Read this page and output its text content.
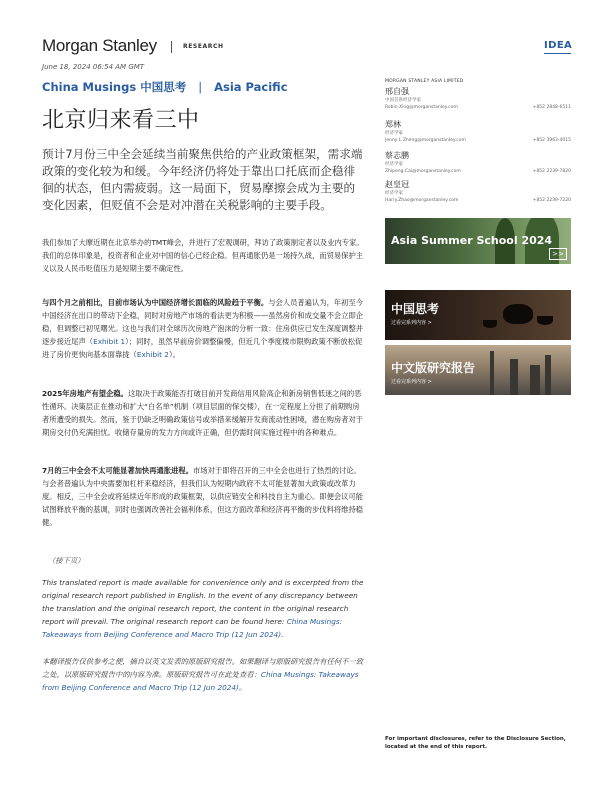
Morgan Stanley	RESEARCH	IDEA
June 18, 2024 06:54 AM GMT
China Musings 中国思考 | Asia Pacific
北京归来看三中
预计7月份三中全会延续当前聚焦供给的产业政策框架，需求端政策的变化较为和缓。今年经济仍将处于靠出口托底而企稳徘徊的状态，但内需疲弱。这一局面下，贸易摩擦会成为主要的变化因素，但贬值不会是对冲潜在关税影响的主要手段。
我们参加了大摩近期在北京举办的TMT峰会，并进行了宏观调研，拜访了政策制定者以及业内专家。我们的总体印象是，投资者和企业对中国的信心已经企稳。但再通胀仍是一场持久战，而贸易保护主义以及人民币贬值压力是短期主要不确定性。
与四个月之前相比，目前市场认为中国经济增长面临的风险趋于平衡。与会人员普遍认为，年初至今中国经济在出口的带动下企稳，同时对房地产市场的看法更为积极——虽然房价和成交量不会立即企稳，但调整已初见曙光。这也与我们对全球历次房地产泡沫的分析一致：住房供应已发生深度调整并逐步接近尾声（Exhibit 1）；同时，虽然早前房价调整偏慢，但近几个季度楼市限购政策不断放松促进了房价更快向基本面靠拢（Exhibit 2）。
2025年房地产有望企稳。这取决于政策能否打破目前开发商信用风险高企和新房销售低迷之间的恶性循环。决策层正在推动和扩大“白名单”机制（项目层面的保交楼），在一定程度上分担了前期购房者所遭受的损失。然而，鉴于仍缺乏明确政策信号或举措来缓解开发商流动性困境，潜在购房者对于期房交付仍充满担忧。收储存量房的发力方向或许正确，但仍需时间实施过程中的各种难点。
7月的三中全会不太可能显著加快再通胀进程。市场对于即将召开的三中全会也进行了热烈的讨论。与会者普遍认为中央需要加杠杆来稳经济，但我们认为短期内政府不太可能显著加大政策或改革力度。相反，三中全会或将延续近年形成的政策框架，以供应链安全和科技自主为重心。即便会议可能试图释放平衡的基调，同时也强调改善社会福利体系，但这方面改革和经济再平衡的步伐料将维持稳健。
（接下页）
This translated report is made available for convenience only and is excerpted from the original research report published in English. In the event of any discrepancy between the translation and the original research report, the content in the original research report will prevail. The original research report can be found here: China Musings: Takeaways from Beijing Conference and Macro Trip (12 Jun 2024).
本翻译报告仅供参考之便，摘自以英文发表的原版研究报告。如果翻译与原版研究报告有任何不一致之处，以原版研究报告中的内容为准。原版研究报告可在此处查看：China Musings: Takeaways from Beijing Conference and Macro Trip (12 Jun 2024)。
MORGAN STANLEY ASIA LIMITED
邢自强
中国首席经济学家
Robin.Xing@morganstanley.com	+852 2848-6511
郑林
经济学家
Jenny L Zheng@morganstanley.com	+852 3963-4015
蔡志鹏
经济学家
Zhipeng.Cai@morganstanley.com	+852 2239-7820
赵皇冠
经济学家
Harry.Zhao@morganstanley.com	+852 2239-7220
Asia Summer School 2024
>>
中国思考
过看完系列内容 >
中文版研究报告
过看完系列内容 >
For important disclosures, refer to the Disclosure Section, located at the end of this report.
